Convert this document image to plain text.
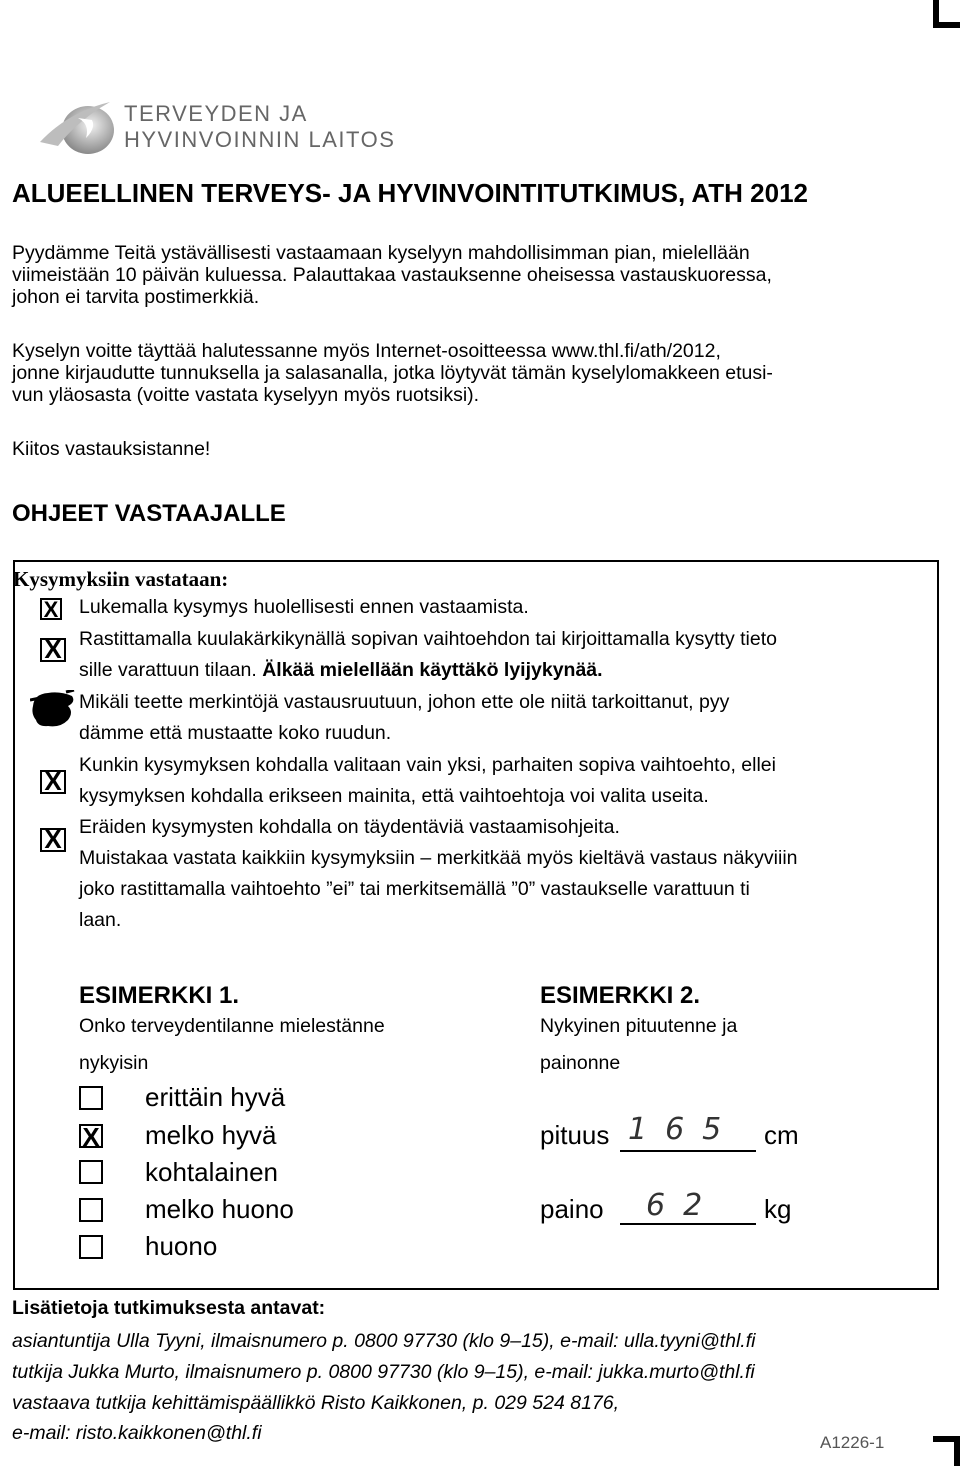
TERVEYDEN JA
HYVINVOINNIN LAITOS
ALUEELLINEN TERVEYS- JA HYVINVOINTITUTKIMUS, ATH 2012
Pyydämme Teitä ystävällisesti vastaamaan kyselyyn mahdollisimman pian, mielellään
viimeistään 10 päivän kuluessa. Palauttakaa vastauksenne oheisessa vastauskuoressa,
johon ei tarvita postimerkkiä.
Kyselyn voitte täyttää halutessanne myös Internet-osoitteessa www.thl.fi/ath/2012,
jonne kirjaudutte tunnuksella ja salasanalla, jotka löytyvät tämän kyselylomakkeen etusi-
vun yläosasta (voitte vastata kyselyyn myös ruotsiksi).
Kiitos vastauksistanne!
OHJEET VASTAAJALLE
Kysymyksiin vastataan:
X Lukemalla kysymys huolellisesti ennen vastaamista.
X Rastittamalla kuulakärkikynällä sopivan vaihtoehdon tai kirjoittamalla kysytty tieto
sille varattuun tilaan. Älkää mielellään käyttäkö lyijykynää.
Mikäli teette merkintöjä vastausruutuun, johon ette ole niitä tarkoittanut, pyy
dämme että mustaatte koko ruudun.
X
Kunkin kysymyksen kohdalla valitaan vain yksi, parhaiten sopiva vaihtoehto, ellei
kysymyksen kohdalla erikseen mainita, että vaihtoehtoja voi valita useita.
X Eräiden kysymysten kohdalla on täydentäviä vastaamisohjeita.
Muistakaa vastata kaikkiin kysymyksiin – merkitkää myös kieltävä vastaus näkyviiin
joko rastittamalla vaihtoehto ”ei” tai merkitsemällä ”0” vastaukselle varattuun ti
laan.
ESIMERKKI 1.
Onko terveydentilanne mielestänne
nykyisin
erittäin hyvä
X melko hyvä
kohtalainen
melko huono
huono
ESIMERKKI 2.
Nykyinen pituutenne ja
painonne
pituus 165 cm
paino 62 kg
Lisätietoja tutkimuksesta antavat:
asiantuntija Ulla Tyyni, ilmaisnumero p. 0800 97730 (klo 9–15), e-mail: ulla.tyyni@thl.fi
tutkija Jukka Murto, ilmaisnumero p. 0800 97730 (klo 9–15), e-mail: jukka.murto@thl.fi
vastaava tutkija kehittämispäällikkö Risto Kaikkonen, p. 029 524 8176,
e-mail: risto.kaikkonen@thl.fi	A1226-1
